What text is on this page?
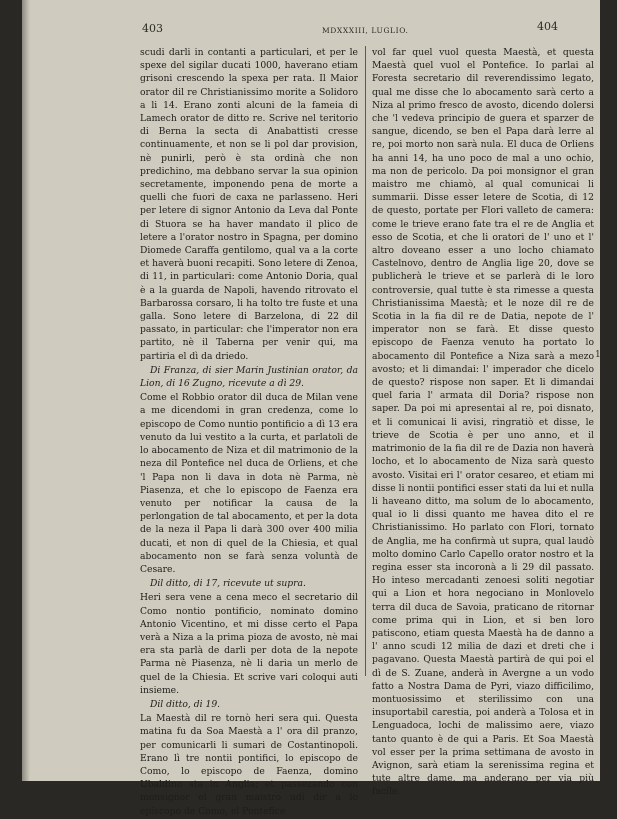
403	MDXXXIII, LUGLIO.	404

scudi darli in contanti a particulari, et per le spexe del sigilar ducati 1000, haverano etiam grisoni crescendo la spexa per rata. Il Maior orator dil re Christianissimo morite a Solidoro a li 14. Erano zonti alcuni de la fameia di Lamech orator de ditto re. Scrive nel teritorio di Berna la secta di Anabattisti cresse continuamente, et non se li pol dar provision, nè punirli, però è sta ordinà che non predichino, ma debbano servar la sua opinion secretamente, imponendo pena de morte a quelli che fuori de caxa ne parlasseno. Heri per letere di signor Antonio da Leva dal Ponte di Stuora se ha haver mandato il plico de letere a l'orator nostro in Spagna, per domino Diomede Caraffa gentilomo, qual va a la corte et haverà buoni recapiti. Sono letere di Zenoa, di 11, in particulari: come Antonio Doria, qual è a la guarda de Napoli, havendo ritrovato el Barbarossa corsaro, li ha tolto tre fuste et una galla. Sono letere di Barzelona, di 22 dil passato, in particular: che l'imperator non era partito, nè il Taberna per venir qui, ma partiria el dì da driedo.

Di Franza, di sier Marin Justinian orator, da Lion, di 16 Zugno, ricevute a dì 29.

Come el Robbio orator dil duca de Milan vene a me dicendomi in gran credenza, come lo episcopo de Como nuntio pontificio a dì 13 era venuto da lui vestito a la curta, et parlatoli de lo abocamento de Niza et dil matrimonio de la neza dil Pontefice nel duca de Orliens, et che 'l Papa non li dava in dota nè Parma, nè Piasenza, et che lo episcopo de Faenza era venuto per notificar la causa de la perlongation de tal abocamento, et per la dota de la neza il Papa li darà 300 over 400 milia ducati, et non di quel de la Chiesia, et qual abocamento non se farà senza voluntà de Cesare.

Dil ditto, di 17, ricevute ut supra.

Heri sera vene a cena meco el secretario dil Como nontio pontificio, nominato domino Antonio Vicentino, et mi disse certo el Papa verà a Niza a la prima pioza de avosto, nè mai era sta parlà de darli per dota de la nepote Parma nè Piasenza, nè li daria un merlo de quel de la Chiesia. Et scrive vari coloqui auti insieme.

Dil ditto, di 19.

La Maestà dil re tornò heri sera qui. Questa matina fu da Soa Maestà a l' ora dil pranzo, per comunicarli li sumari de Costantinopoli. Erano lì tre nontii pontifici, lo episcopo de Como, lo episcopo de Faenza, domino Ubaldino sta in Anglia; et passezando con monsignor el gran maistro udì dir a lo episcopo de Como, el Pontefice

vol far quel vuol questa Maestà, et questa Maestà quel vuol el Pontefice. Io parlai al Foresta secretario dil reverendissimo legato, qual me disse che lo abocamento sarà certo a Niza al primo fresco de avosto, dicendo dolersi che 'l vedeva principio de guera et sparzer de sangue, dicendo, se ben el Papa darà lerre al re, poi morto non sarà nula. El duca de Orliens ha anni 14, ha uno poco de mal a uno ochio, ma non de pericolo. Da poi monsignor el gran maistro me chiamò, al qual comunicai li summarii. Disse esser letere de Scotia, di 12 de questo, portate per Flori valleto de camera: come le trieve erano fate tra el re de Anglia et esso de Scotia, et che li oratori de l' uno et l' altro doveano esser a uno locho chiamato Castelnovo, dentro de Anglia lige 20, dove se publicherà le trieve et se parlerà di le loro controversie, qual tutte è sta rimesse a questa Christianissima Maestà; et le noze dil re de Scotia in la fia dil re de Datia, nepote de l' imperator non se farà. Et disse questo episcopo de Faenza venuto ha portato lo abocamento dil Pontefice a Niza sarà a mezo avosto; et li dimandai: l' imperador che dicelo de questo? rispose non saper. Et li dimandai quel faria l' armata dil Doria? rispose non saper. Da poi mi apresentai al re, poi disnato, et li comunicai li avisi, ringratiò et disse, le trieve de Scotia è per uno anno, et il matrimonio de la fia dil re de Dazia non haverà locho, et lo abocamento de Niza sarà questo avosto. Visitai eri l' orator cesareo, et etiam mi disse li nontii pontifici esser stati da lui et nulla li haveano ditto, ma solum de lo abocamento, qual io li dissi quanto me havea dito el re Christianissimo. Ho parlato con Flori, tornato de Anglia, me ha confirmà ut supra, qual laudò molto domino Carlo Capello orator nostro et la regina esser sta incoronà a li 29 dil passato. Ho inteso mercadanti zenoesi soliti negotiar qui a Lion et hora negociano in Monlovelo terra dil duca de Savoia, praticano de ritornar come prima qui in Lion, et si ben loro patiscono, etiam questa Maestà ha de danno a l' anno scudi 12 milia de dazi et dreti che i pagavano. Questa Maestà partirà de qui poi el dì de S. Zuane, anderà in Avergne a un vodo fatto a Nostra Dama de Pyri, viazo difficilimo, montuosissimo et sterilissimo con una insuportabil carestia, poi anderà a Tolosa et in Lenguadoca, lochi de malissimo aere, viazo tanto quanto è de qui a Paris. Et Soa Maestà vol esser per la prima settimana de avosto in Avignon, sarà etiam la serenissima regina et tute altre dame, ma anderano per via più facile.

127*
